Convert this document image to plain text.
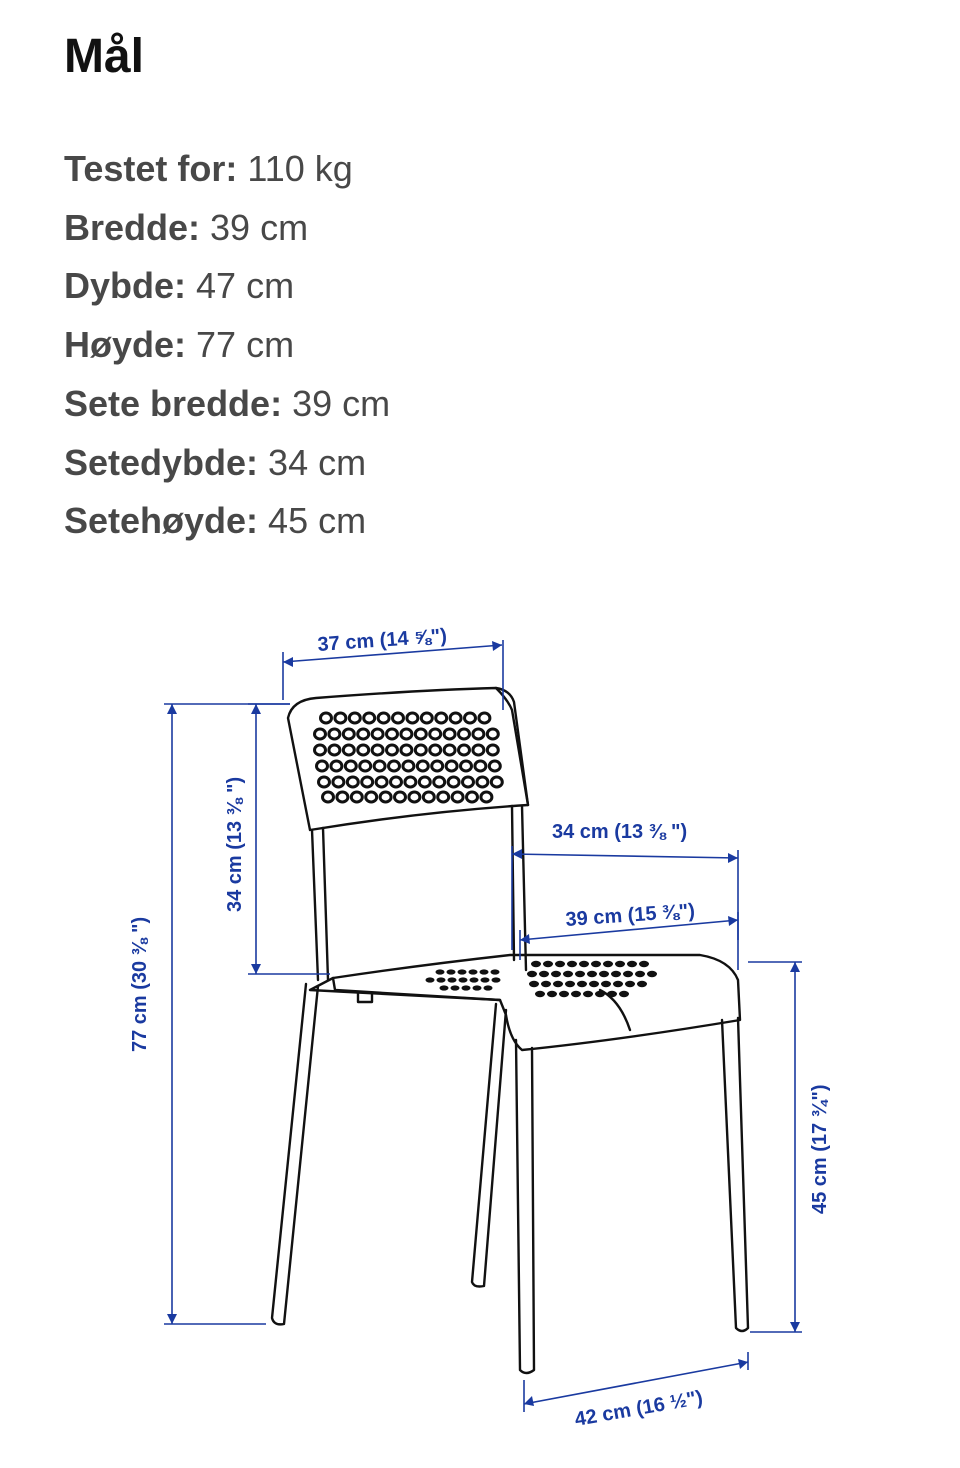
Mål
Testet for: 110 kg
Bredde: 39 cm
Dybde: 47 cm
Høyde: 77 cm
Sete bredde: 39 cm
Setedybde: 34 cm
Setehøyde: 45 cm
37 cm (14 ⅝")
34 cm (13 ⅜ ")
77 cm (30 ⅜ ")
34 cm (13 ⅜ ")
39 cm (15 ⅜")
45 cm (17 ¾")
42 cm (16 ½")
